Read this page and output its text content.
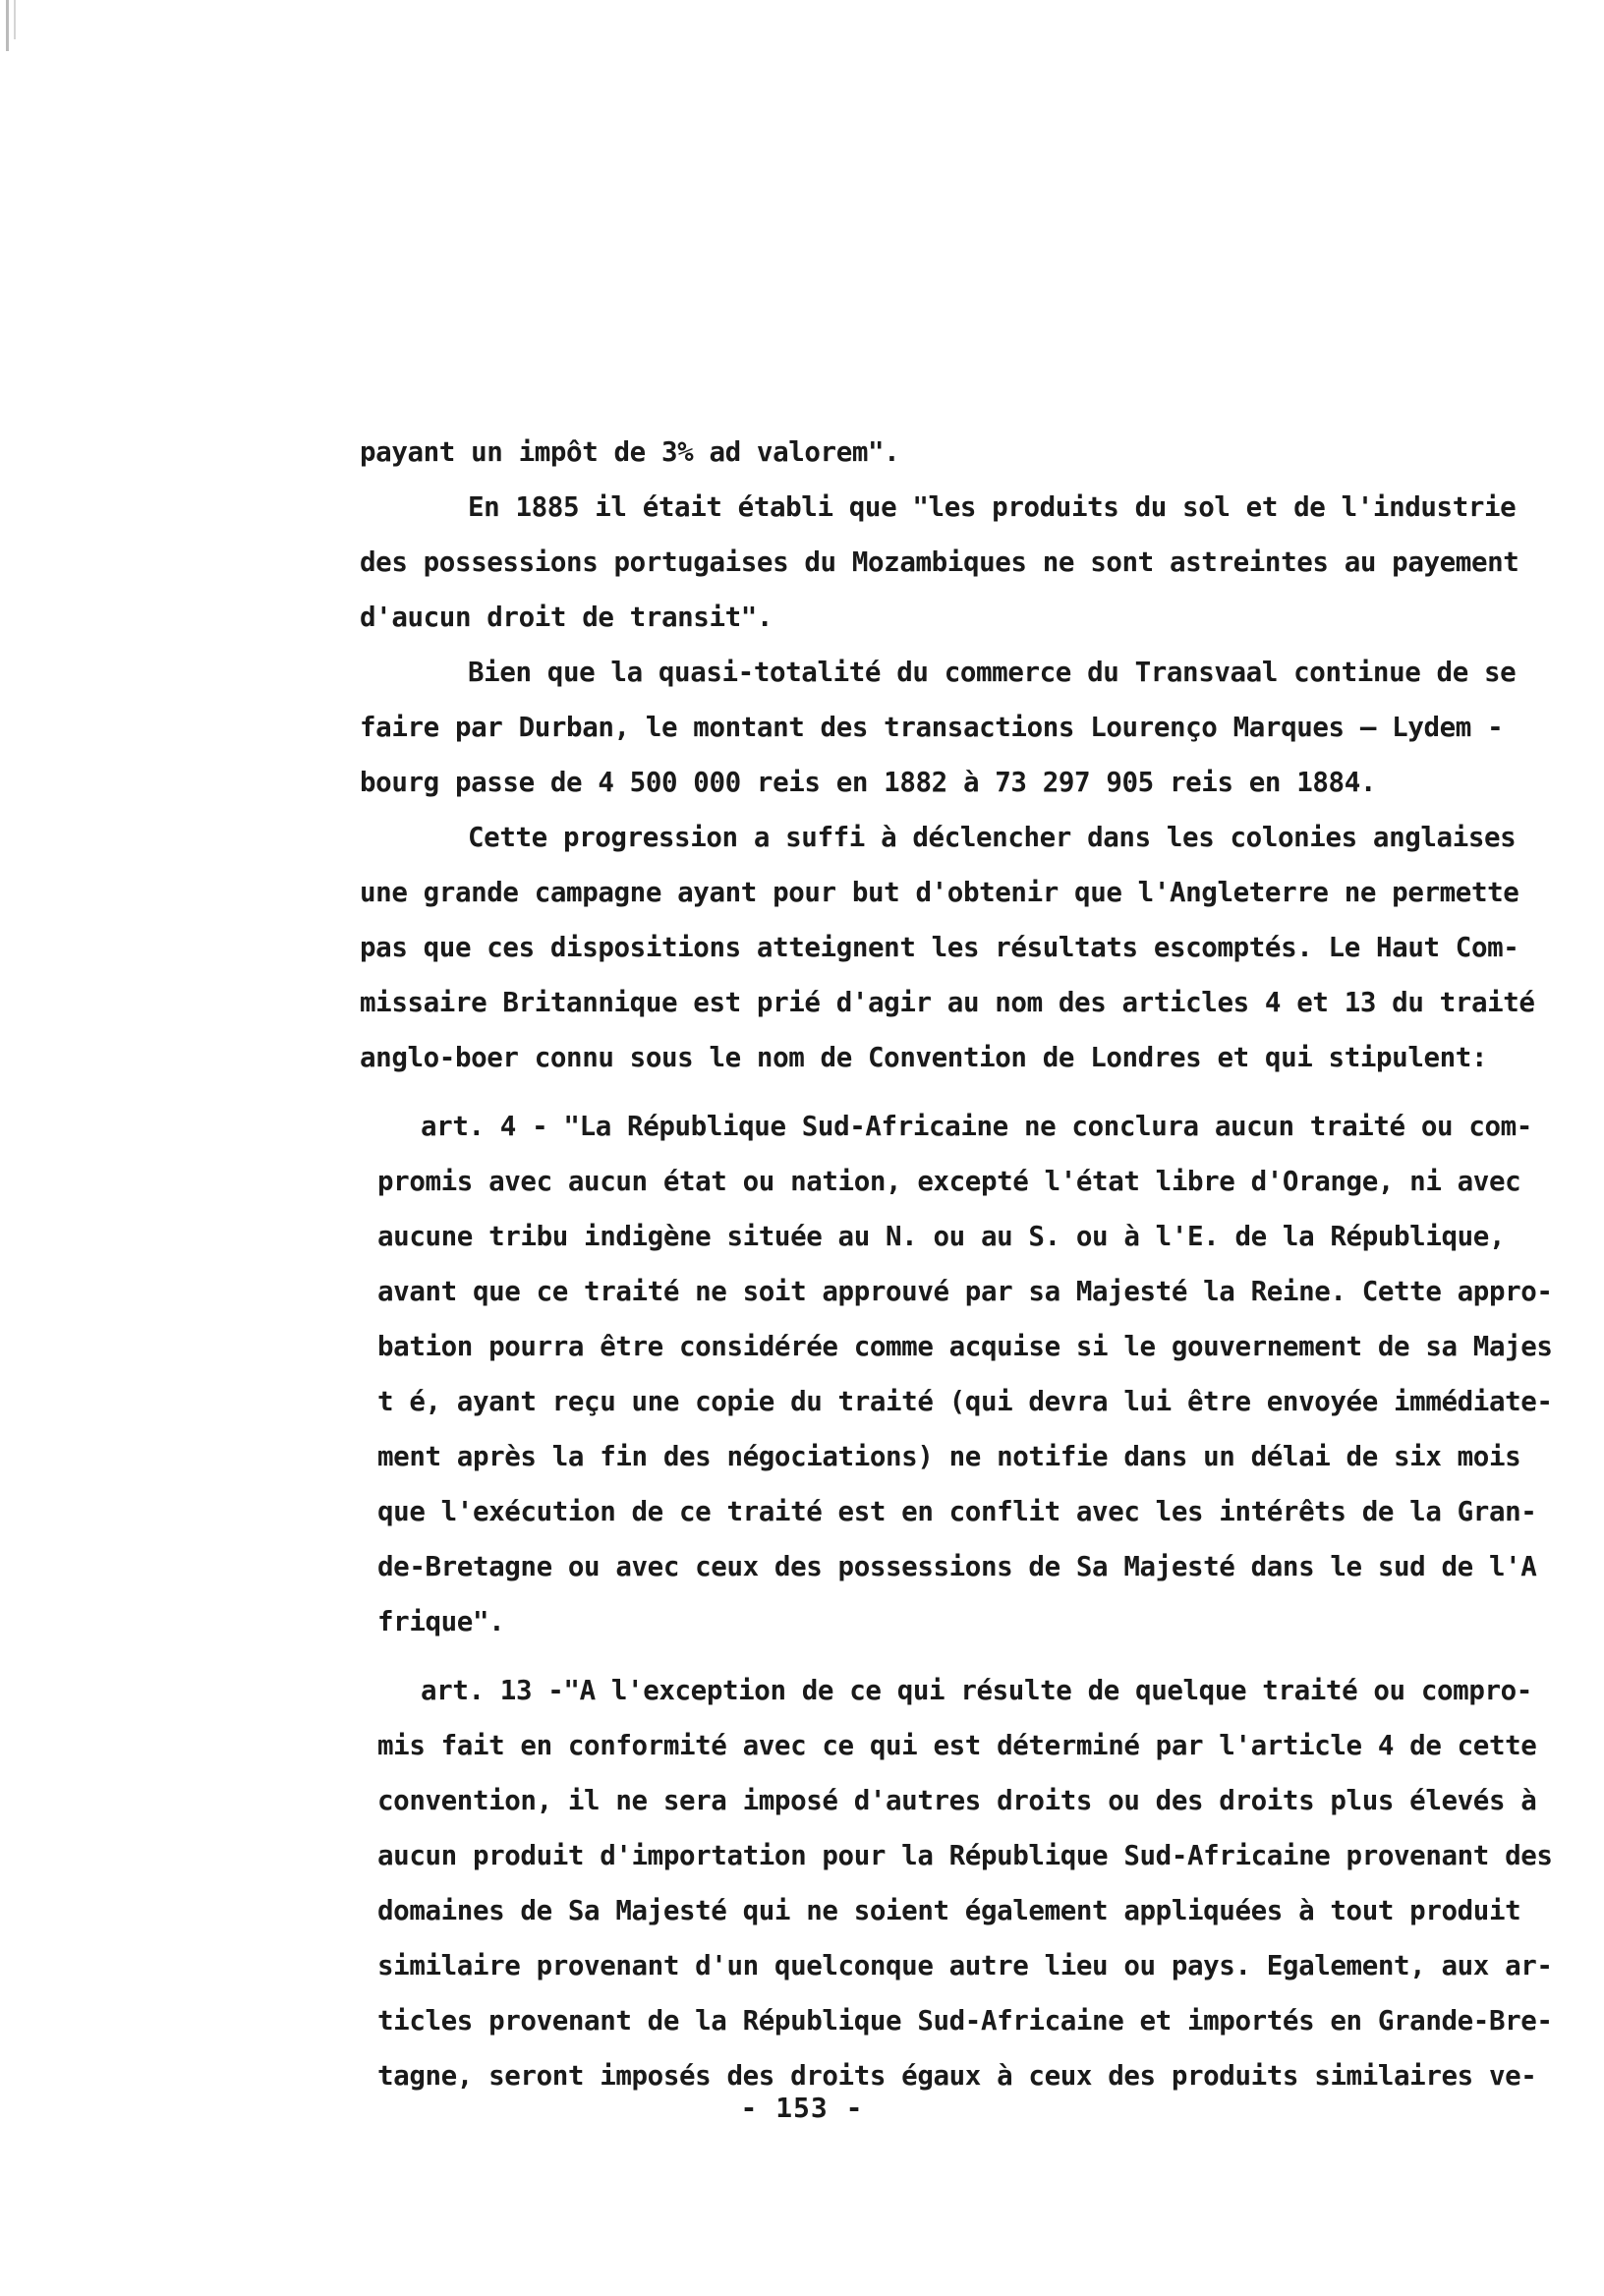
payant un impôt de 3% ad valorem".
En 1885 il était établi que "les produits du sol et de l'industrie
des possessions portugaises du Mozambiques ne sont astreintes au payement
d'aucun droit de transit".
Bien que la quasi-totalité du commerce du Transvaal continue de se
faire par Durban, le montant des transactions Lourenço Marques — Lydem -
bourg passe de 4 500 000 reis en 1882 à 73 297 905 reis en 1884.
Cette progression a suffi à déclencher dans les colonies anglaises
une grande campagne ayant pour but d'obtenir que l'Angleterre ne permette
pas que ces dispositions atteignent les résultats escomptés. Le Haut Com-
missaire Britannique est prié d'agir au nom des articles 4 et 13 du traité
anglo-boer connu sous le nom de Convention de Londres et qui stipulent:
art. 4 - "La République Sud-Africaine ne conclura aucun traité ou com-
promis avec aucun état ou nation, excepté l'état libre d'Orange, ni avec
aucune tribu indigène située au N. ou au S. ou à l'E. de la République,
avant que ce traité ne soit approuvé par sa Majesté la Reine. Cette appro-
bation pourra être considérée comme acquise si le gouvernement de sa Majes
t é, ayant reçu une copie du traité (qui devra lui être envoyée immédiate-
ment après la fin des négociations) ne notifie dans un délai de six mois
que l'exécution de ce traité est en conflit avec les intérêts de la Gran-
de-Bretagne ou avec ceux des possessions de Sa Majesté dans le sud de l'A
frique".
art. 13 -"A l'exception de ce qui résulte de quelque traité ou compro-
mis fait en conformité avec ce qui est déterminé par l'article 4 de cette
convention, il ne sera imposé d'autres droits ou des droits plus élevés à
aucun produit d'importation pour la République Sud-Africaine provenant des
domaines de Sa Majesté qui ne soient également appliquées à tout produit
similaire provenant d'un quelconque autre lieu ou pays. Egalement, aux ar-
ticles provenant de la République Sud-Africaine et importés en Grande-Bre-
tagne, seront imposés des droits égaux à ceux des produits similaires ve-
- 153 -
